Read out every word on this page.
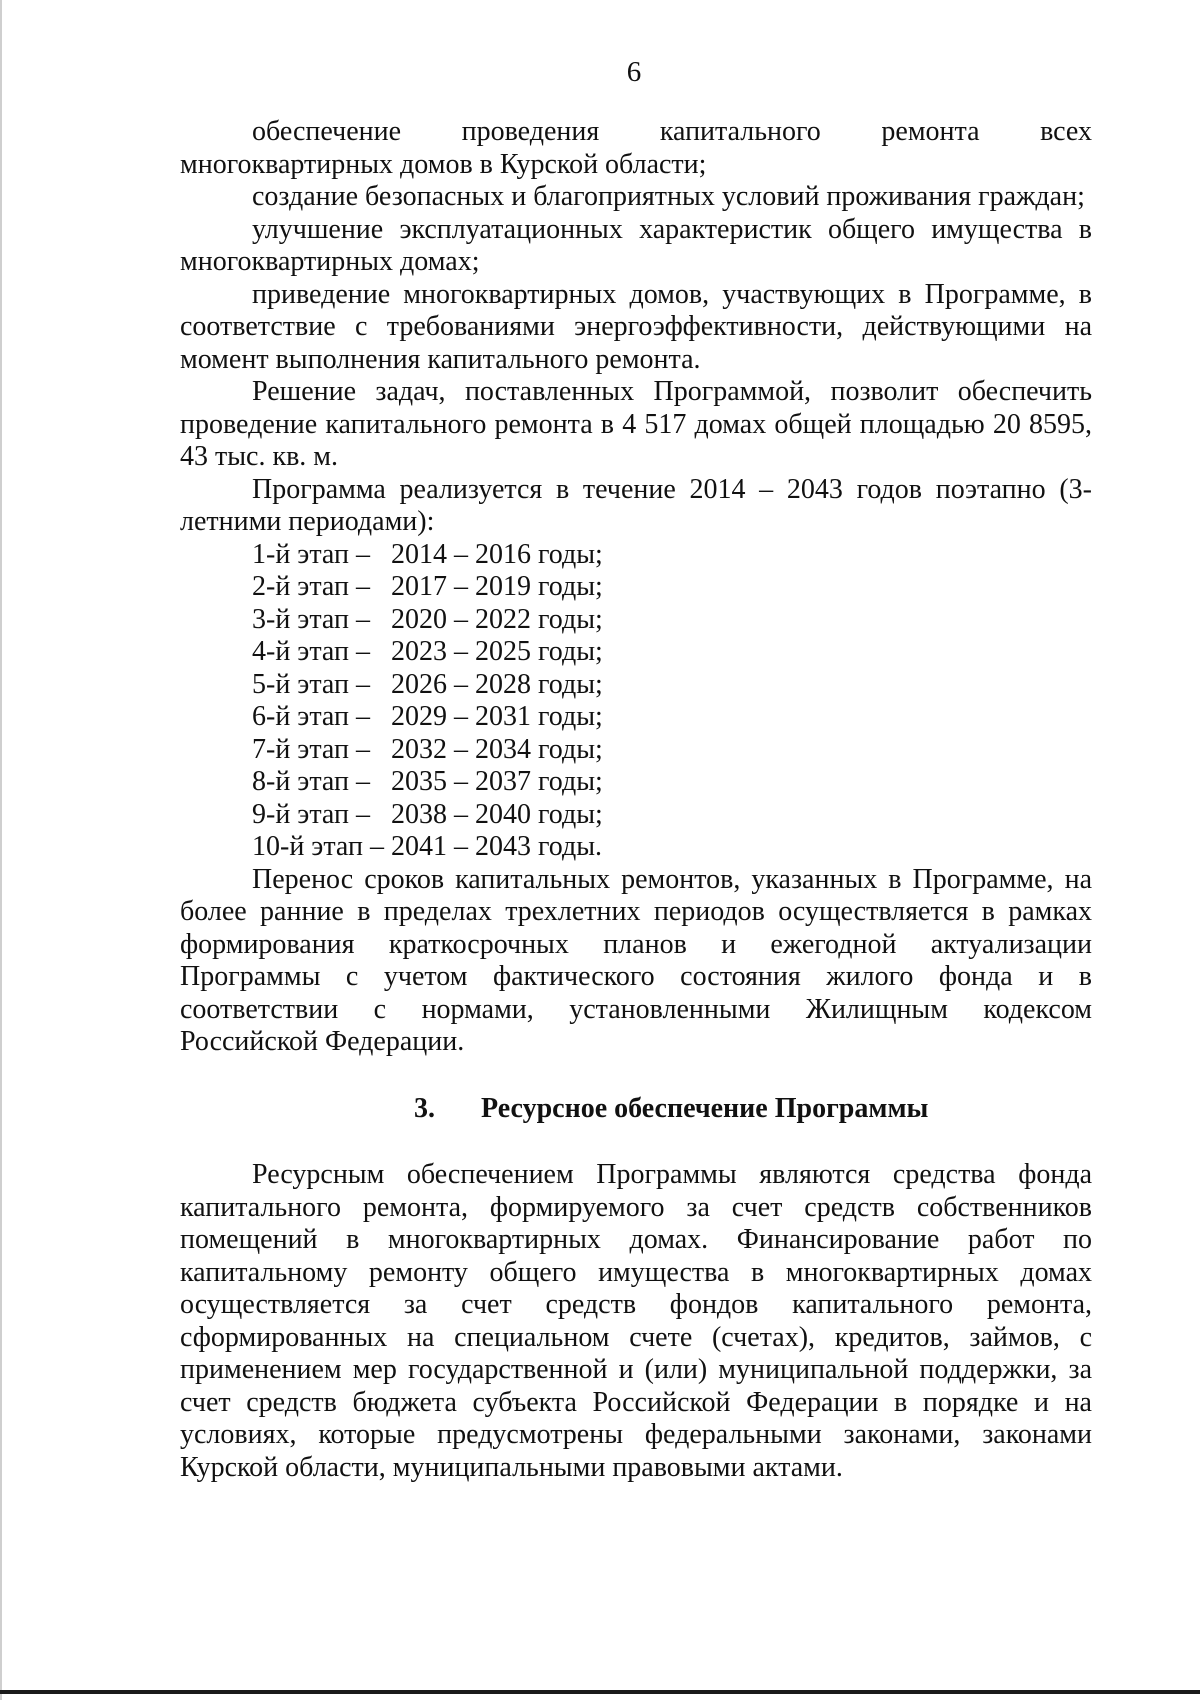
6

обеспечение проведения капитального ремонта всех многоквартирных домов в Курской области;

создание безопасных и благоприятных условий проживания граждан;

улучшение эксплуатационных характеристик общего имущества в многоквартирных домах;

приведение многоквартирных домов, участвующих в Программе, в соответствие с требованиями энергоэффективности, действующими на момент выполнения капитального ремонта.

Решение задач, поставленных Программой, позволит обеспечить проведение капитального ремонта в 4 517 домах общей площадью 20 8595, 43 тыс. кв. м.

Программа реализуется в течение 2014 – 2043 годов поэтапно (3-летними периодами):

1-й этап – 2014 – 2016 годы;
2-й этап – 2017 – 2019 годы;
3-й этап – 2020 – 2022 годы;
4-й этап – 2023 – 2025 годы;
5-й этап – 2026 – 2028 годы;
6-й этап – 2029 – 2031 годы;
7-й этап – 2032 – 2034 годы;
8-й этап – 2035 – 2037 годы;
9-й этап – 2038 – 2040 годы;
10-й этап – 2041 – 2043 годы.

Перенос сроков капитальных ремонтов, указанных в Программе, на более ранние в пределах трехлетних периодов осуществляется в рамках формирования краткосрочных планов и ежегодной актуализации Программы с учетом фактического состояния жилого фонда и в соответствии с нормами, установленными Жилищным кодексом Российской Федерации.

3. Ресурсное обеспечение Программы

Ресурсным обеспечением Программы являются средства фонда капитального ремонта, формируемого за счет средств собственников помещений в многоквартирных домах. Финансирование работ по капитальному ремонту общего имущества в многоквартирных домах осуществляется за счет средств фондов капитального ремонта, сформированных на специальном счете (счетах), кредитов, займов, с применением мер государственной и (или) муниципальной поддержки, за счет средств бюджета субъекта Российской Федерации в порядке и на условиях, которые предусмотрены федеральными законами, законами Курской области, муниципальными правовыми актами.
